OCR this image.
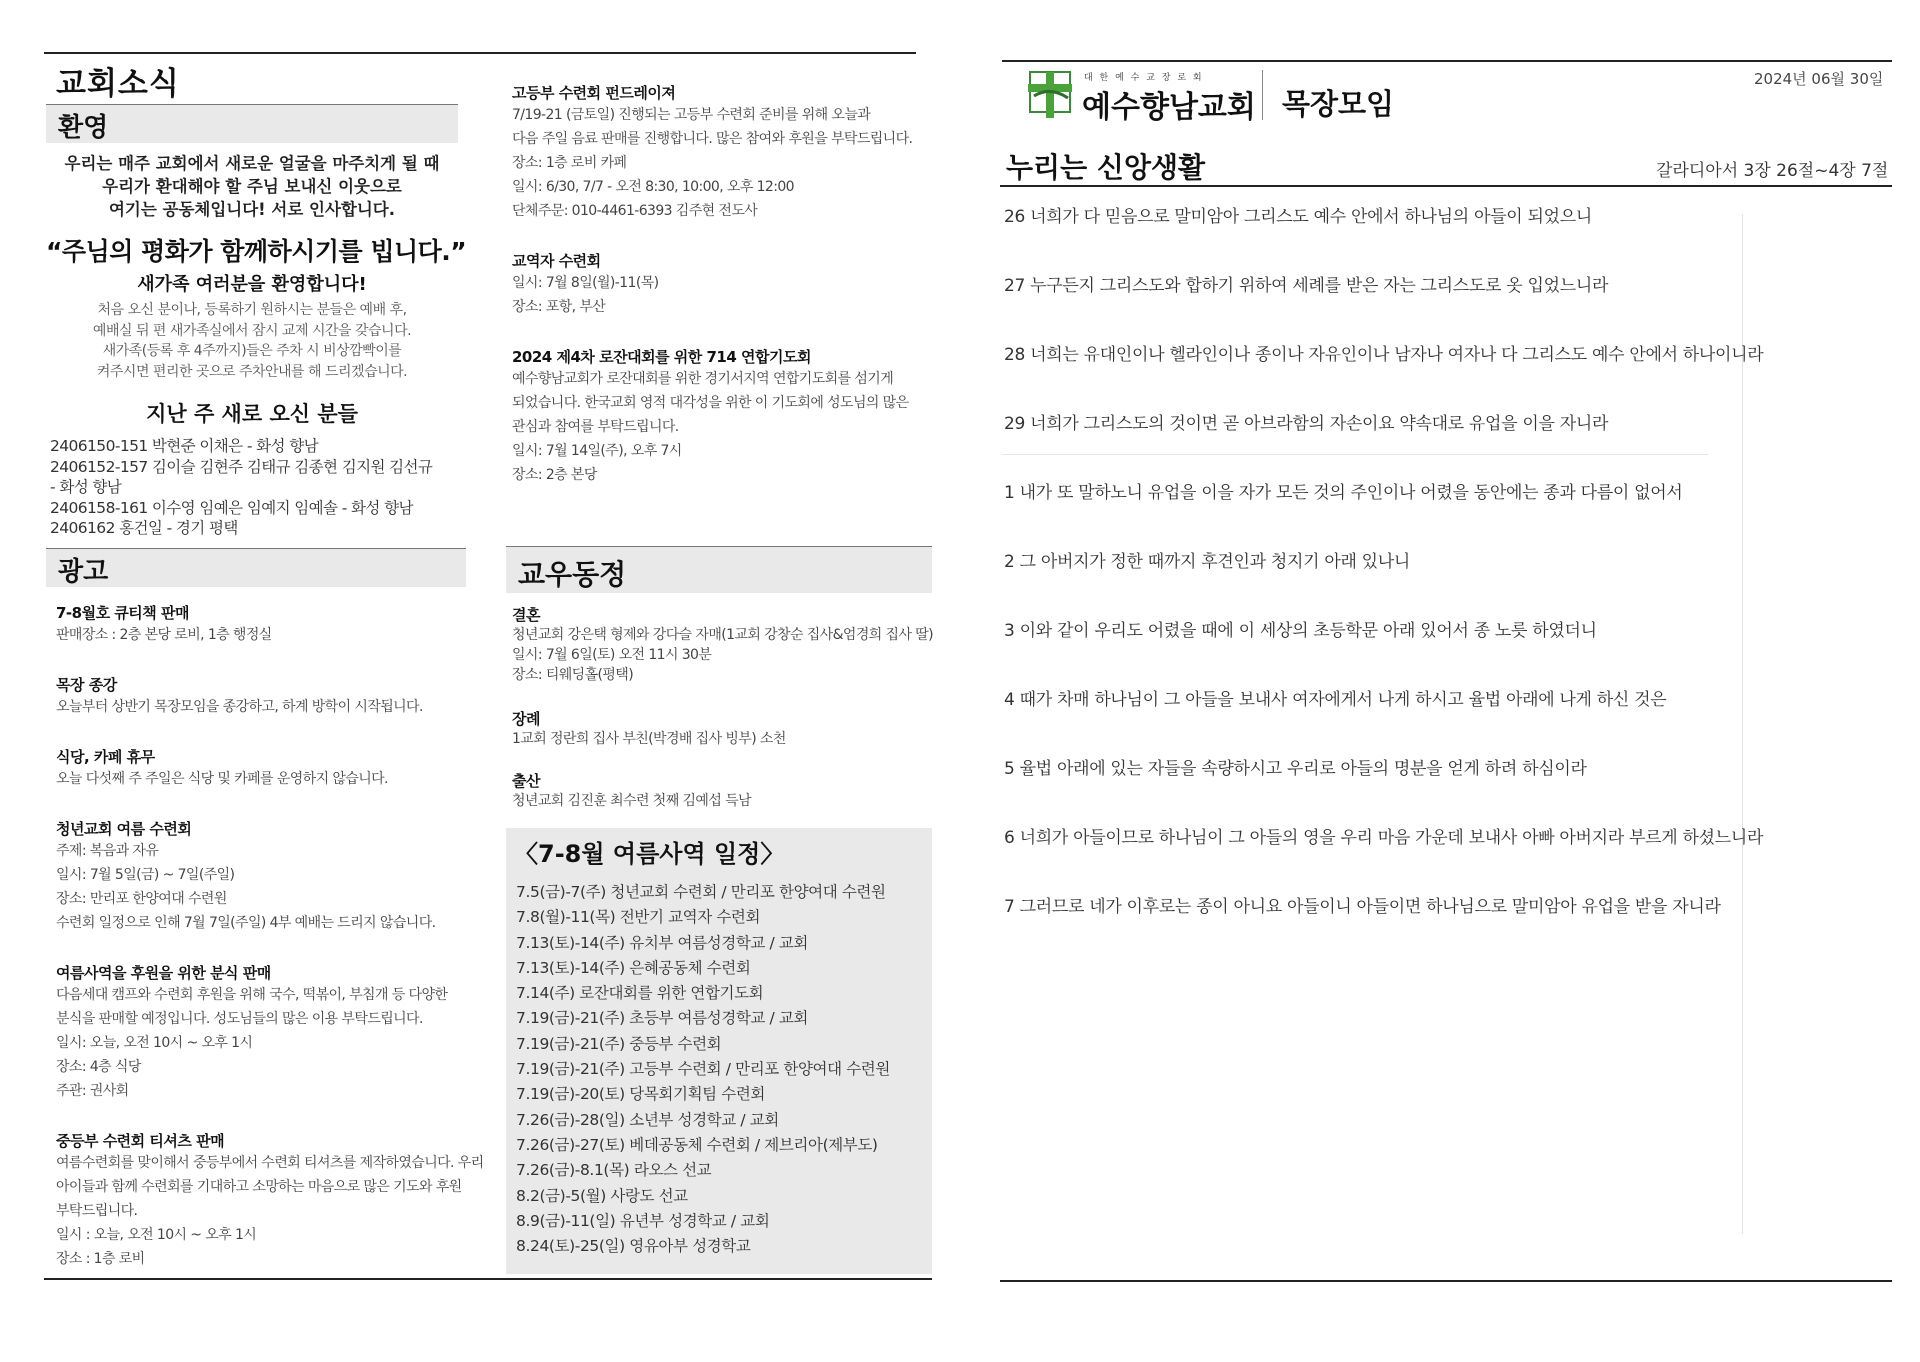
교회소식
환영
우리는 매주 교회에서 새로운 얼굴을 마주치게 될 때
우리가 환대해야 할 주님 보내신 이웃으로
여기는 공동체입니다! 서로 인사합니다.
“주님의 평화가 함께하시기를 빕니다.”
새가족 여러분을 환영합니다!
처음 오신 분이나, 등록하기 원하시는 분들은 예배 후,
예배실 뒤 편 새가족실에서 잠시 교제 시간을 갖습니다.
새가족(등록 후 4주까지)들은 주차 시 비상깜빡이를
켜주시면 편리한 곳으로 주차안내를 해 드리겠습니다.
지난 주 새로 오신 분들
2406150-151 박현준 이채은 - 화성 향남
2406152-157 김이슬 김현주 김태규 김종현 김지원 김선규
- 화성 향남
2406158-161 이수영 임예은 임예지 임예솔 - 화성 향남
2406162 홍건일 - 경기 평택
광고
7-8월호 큐티책 판매
판매장소 : 2층 본당 로비, 1층 행정실
목장 종강
오늘부터 상반기 목장모임을 종강하고, 하계 방학이 시작됩니다.
식당, 카페 휴무
오늘 다섯째 주 주일은 식당 및 카페를 운영하지 않습니다.
청년교회 여름 수련회
주제: 복음과 자유
일시: 7월 5일(금) ~ 7일(주일)
장소: 만리포 한양여대 수련원
수련회 일정으로 인해 7월 7일(주일) 4부 예배는 드리지 않습니다.
여름사역을 후원을 위한 분식 판매
다음세대 캠프와 수련회 후원을 위해 국수, 떡볶이, 부침개 등 다양한
분식을 판매할 예정입니다. 성도님들의 많은 이용 부탁드립니다.
일시: 오늘, 오전 10시 ~ 오후 1시
장소: 4층 식당
주관: 권사회
중등부 수련회 티셔츠 판매
여름수련회를 맞이해서 중등부에서 수련회 티셔츠를 제작하였습니다. 우리
아이들과 함께 수련회를 기대하고 소망하는 마음으로 많은 기도와 후원
부탁드립니다.
일시 : 오늘, 오전 10시 ~ 오후 1시
장소 : 1층 로비
고등부 수련회 펀드레이져
7/19-21 (금토일) 진행되는 고등부 수련회 준비를 위해 오늘과
다음 주일 음료 판매를 진행합니다. 많은 참여와 후원을 부탁드립니다.
장소: 1층 로비 카페
일시: 6/30, 7/7 - 오전 8:30, 10:00, 오후 12:00
단체주문: 010-4461-6393 김주현 전도사
교역자 수련회
일시: 7월 8일(월)-11(목)
장소: 포항, 부산
2024 제4차 로잔대회를 위한 714 연합기도회
예수향남교회가 로잔대회를 위한 경기서지역 연합기도회를 섬기게
되었습니다. 한국교회 영적 대각성을 위한 이 기도회에 성도님의 많은
관심과 참여를 부탁드립니다.
일시: 7월 14일(주), 오후 7시
장소: 2층 본당
교우동정
결혼
청년교회 강은택 형제와 강다슬 자매(1교회 강창순 집사&엄경희 집사 딸)
일시: 7월 6일(토) 오전 11시 30분
장소: 티웨딩홀(평택)
장례
1교회 정란희 집사 부친(박경배 집사 빙부) 소천
출산
청년교회 김진훈 최수련 첫째 김예섭 득남
〈7-8월 여름사역 일정〉
7.5(금)-7(주) 청년교회 수련회 / 만리포 한양여대 수련원
7.8(월)-11(목) 전반기 교역자 수련회
7.13(토)-14(주) 유치부 여름성경학교 / 교회
7.13(토)-14(주) 은혜공동체 수련회
7.14(주) 로잔대회를 위한 연합기도회
7.19(금)-21(주) 초등부 여름성경학교 / 교회
7.19(금)-21(주) 중등부 수련회
7.19(금)-21(주) 고등부 수련회 / 만리포 한양여대 수련원
7.19(금)-20(토) 당목회기획팀 수련회
7.26(금)-28(일) 소년부 성경학교 / 교회
7.26(금)-27(토) 베데공동체 수련회 / 제브리아(제부도)
7.26(금)-8.1(목) 라오스 선교
8.2(금)-5(월) 사랑도 선교
8.9(금)-11(일) 유년부 성경학교 / 교회
8.24(토)-25(일) 영유아부 성경학교
대 한 예 수 교 장 로 회
예수향남교회 목장모임
2024년 06월 30일
누리는 신앙생활	갈라디아서 3장 26절~4장 7절
26 너희가 다 믿음으로 말미암아 그리스도 예수 안에서 하나님의 아들이 되었으니
27 누구든지 그리스도와 합하기 위하여 세례를 받은 자는 그리스도로 옷 입었느니라
28 너희는 유대인이나 헬라인이나 종이나 자유인이나 남자나 여자나 다 그리스도 예수 안에서 하나이니라
29 너희가 그리스도의 것이면 곧 아브라함의 자손이요 약속대로 유업을 이을 자니라
1 내가 또 말하노니 유업을 이을 자가 모든 것의 주인이나 어렸을 동안에는 종과 다름이 없어서
2 그 아버지가 정한 때까지 후견인과 청지기 아래 있나니
3 이와 같이 우리도 어렸을 때에 이 세상의 초등학문 아래 있어서 종 노릇 하였더니
4 때가 차매 하나님이 그 아들을 보내사 여자에게서 나게 하시고 율법 아래에 나게 하신 것은
5 율법 아래에 있는 자들을 속량하시고 우리로 아들의 명분을 얻게 하려 하심이라
6 너희가 아들이므로 하나님이 그 아들의 영을 우리 마음 가운데 보내사 아빠 아버지라 부르게 하셨느니라
7 그러므로 네가 이후로는 종이 아니요 아들이니 아들이면 하나님으로 말미암아 유업을 받을 자니라
